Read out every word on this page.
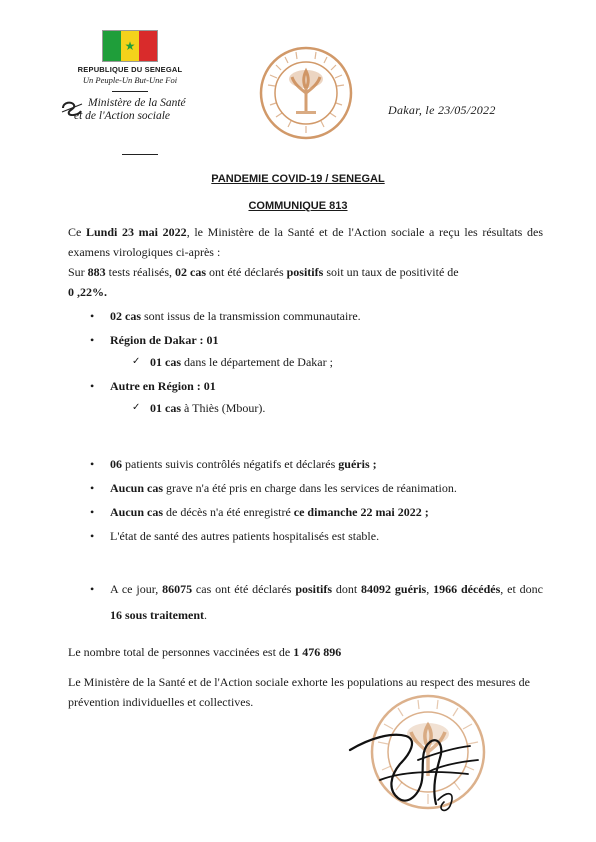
★
REPUBLIQUE DU SENEGAL
Un Peuple-Un But-Une Foi
Ministère de la Santé
et de l'Action sociale	Dakar, le 23/05/2022
PANDEMIE COVID-19 / SENEGAL
COMMUNIQUE 813

Ce Lundi 23 mai 2022, le Ministère de la Santé et de l'Action sociale a reçu les résultats des examens virologiques ci-après :

Sur 883 tests réalisés, 02 cas ont été déclarés positifs soit un taux de positivité de
0 ,22%.

• 02 cas sont issus de la transmission communautaire.
• Région de Dakar : 01
✓ 01 cas dans le département de Dakar ;
• Autre en Région : 01
✓ 01 cas à Thiès (Mbour).
• 06 patients suivis contrôlés négatifs et déclarés guéris ;
• Aucun cas grave n'a été pris en charge dans les services de réanimation.
• Aucun cas de décès n'a été enregistré ce dimanche 22 mai 2022 ;
• L'état de santé des autres patients hospitalisés est stable.
• A ce jour, 86075 cas ont été déclarés positifs dont 84092 guéris, 1966 décédés, et donc 16 sous traitement.

Le nombre total de personnes vaccinées est de 1 476 896

Le Ministère de la Santé et de l'Action sociale exhorte les populations au respect des mesures de prévention individuelles et collectives.
